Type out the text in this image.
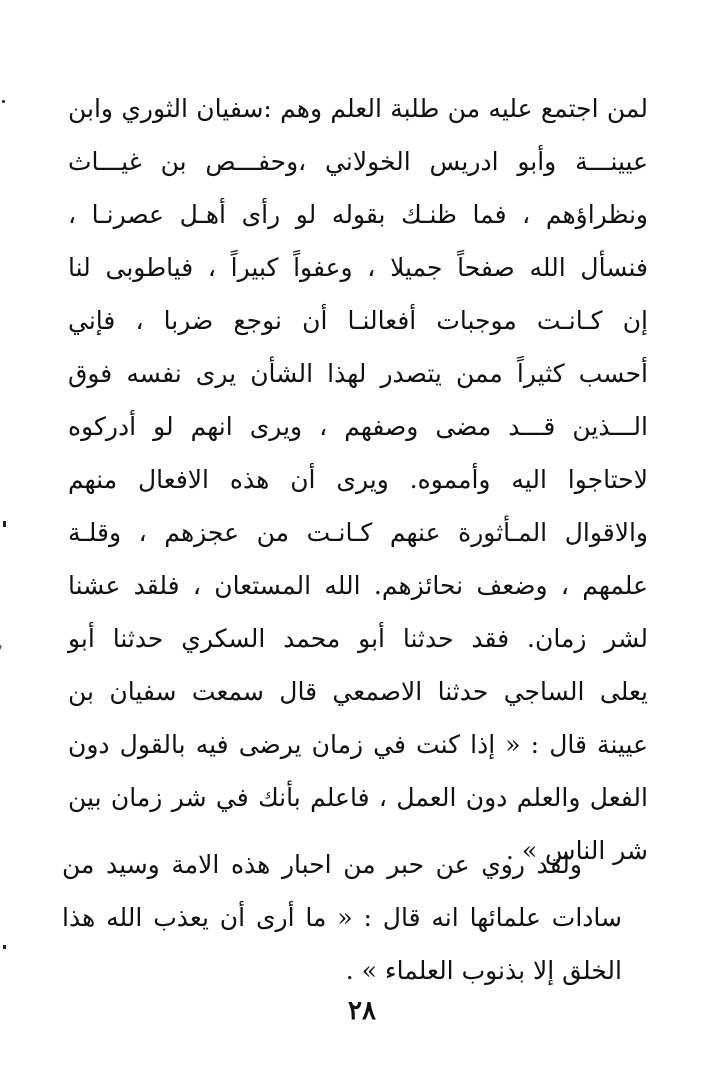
لمن اجتمع عليه من طلبة العلم وهم :سفيان الثوري وابن
عيينـــة وأبو ادريس الخولاني ،وحفـــص بن غيـــاث
ونظراؤهم ، فما ظنـك بقوله لو رأى أهـل عصرنـا ،
فنسأل الله صفحاً جميلا ، وعفواً كبيراً ، فياطوبى لنا
إن كـانـت موجبات أفعالنـا أن نوجع ضربا ، فإني
أحسب كثيراً ممن يتصدر لهذا الشأن يرى نفسه فوق
الـــذين قـــد مضى وصفهم ، ويرى انهم لو أدركوه
لاحتاجوا اليه وأمموه. ويرى أن هذه الافعال منهم
والاقوال المـأثورة عنهم كـانـت من عجزهم ، وقلـة
علمهم ، وضعف نحائزهم. الله المستعان ، فلقد عشنا
لشر زمان. فقد حدثنا أبو محمد السكري حدثنا أبو
يعلى الساجي حدثنا الاصمعي قال سمعت سفيان بن
عيينة قال : « إذا كنت في زمان يرضى فيه بالقول دون
الفعل والعلم دون العمل ، فاعلم بأنك في شر زمان بين
شر الناس » .
ولقد روي عن حبر من احبار هذه الامة وسيد من
سادات علمائها انه قال : « ما أرى أن يعذب الله هذا
الخلق إلا بذنوب العلماء » .
٢٨
